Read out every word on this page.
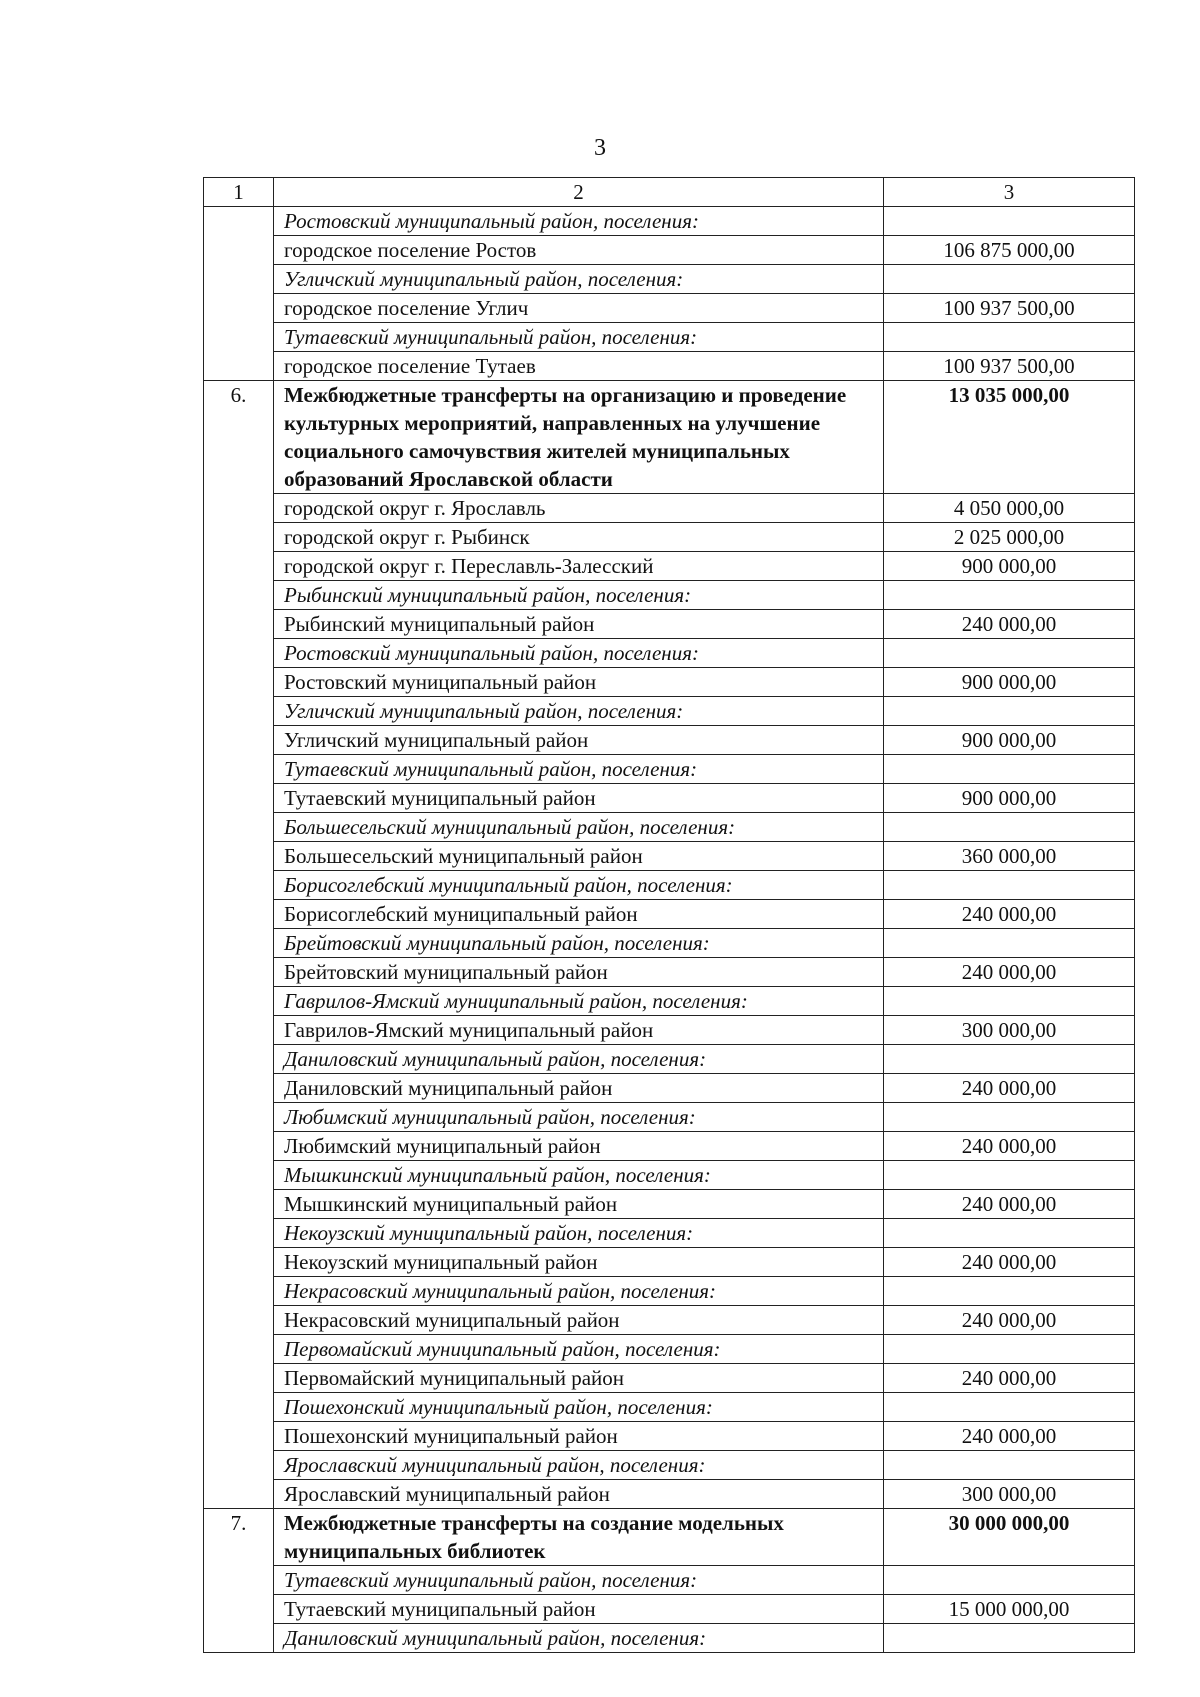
3
1	2	3
	Ростовский муниципальный район, поселения:	
	городское поселение Ростов	106 875 000,00
	Угличский муниципальный район, поселения:	
	городское поселение Углич	100 937 500,00
	Тутаевский муниципальный район, поселения:	
	городское поселение Тутаев	100 937 500,00
6.	Межбюджетные трансферты на организацию и проведение культурных мероприятий, направленных на улучшение социального самочувствия жителей муниципальных образований Ярославской области	13 035 000,00
	городской округ г. Ярославль	4 050 000,00
	городской округ г. Рыбинск	2 025 000,00
	городской округ г. Переславль-Залесский	900 000,00
	Рыбинский муниципальный район, поселения:	
	Рыбинский муниципальный район	240 000,00
	Ростовский муниципальный район, поселения:	
	Ростовский муниципальный район	900 000,00
	Угличский муниципальный район, поселения:	
	Угличский муниципальный район	900 000,00
	Тутаевский муниципальный район, поселения:	
	Тутаевский муниципальный район	900 000,00
	Большесельский муниципальный район, поселения:	
	Большесельский муниципальный район	360 000,00
	Борисоглебский муниципальный район, поселения:	
	Борисоглебский муниципальный район	240 000,00
	Брейтовский муниципальный район, поселения:	
	Брейтовский муниципальный район	240 000,00
	Гаврилов-Ямский муниципальный район, поселения:	
	Гаврилов-Ямский муниципальный район	300 000,00
	Даниловский муниципальный район, поселения:	
	Даниловский муниципальный район	240 000,00
	Любимский муниципальный район, поселения:	
	Любимский муниципальный район	240 000,00
	Мышкинский муниципальный район, поселения:	
	Мышкинский муниципальный район	240 000,00
	Некоузский муниципальный район, поселения:	
	Некоузский муниципальный район	240 000,00
	Некрасовский муниципальный район, поселения:	
	Некрасовский муниципальный район	240 000,00
	Первомайский муниципальный район, поселения:	
	Первомайский муниципальный район	240 000,00
	Пошехонский муниципальный район, поселения:	
	Пошехонский муниципальный район	240 000,00
	Ярославский муниципальный район, поселения:	
	Ярославский муниципальный район	300 000,00
7.	Межбюджетные трансферты на создание модельных муниципальных библиотек	30 000 000,00
	Тутаевский муниципальный район, поселения:	
	Тутаевский муниципальный район	15 000 000,00
	Даниловский муниципальный район, поселения:	
